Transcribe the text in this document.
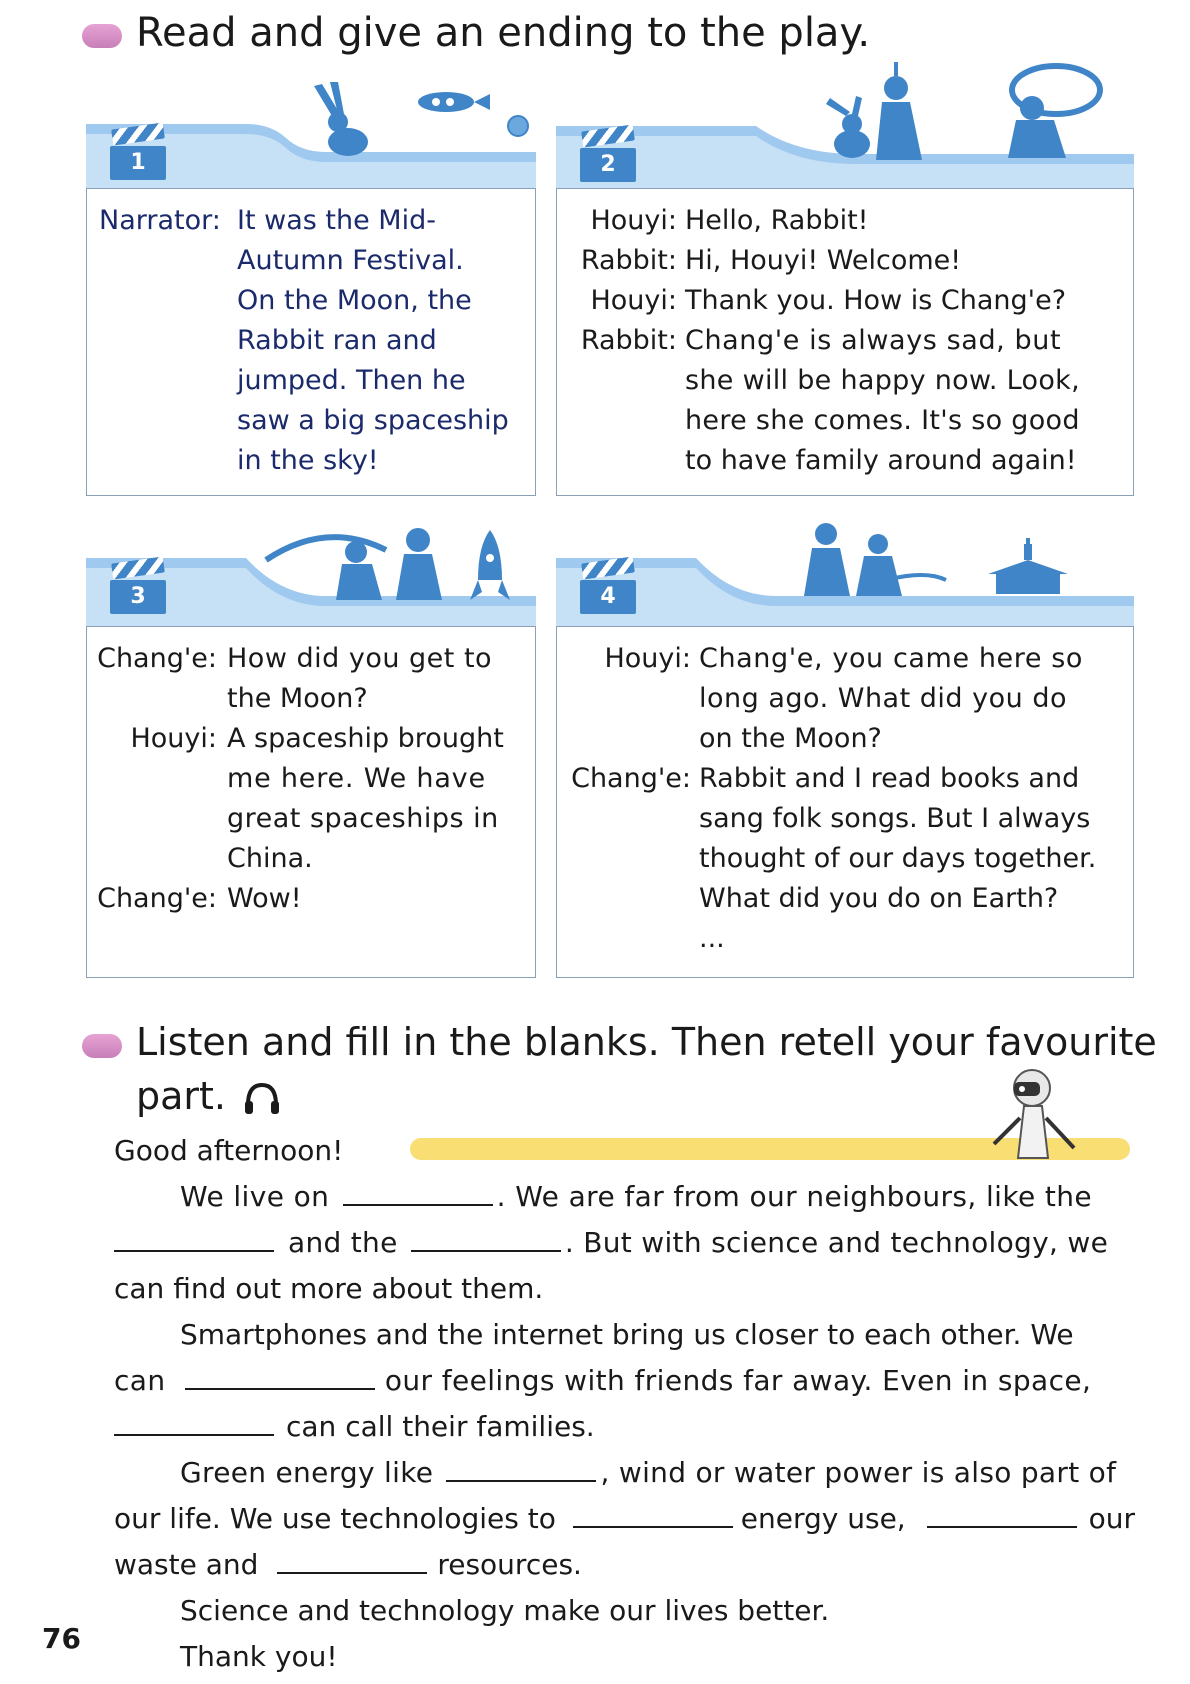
Read and give an ending to the play.
1
Narrator: It was the Mid-
Autumn Festival.
On the Moon, the
Rabbit ran and
jumped. Then he
saw a big spaceship
in the sky!
2
Houyi: Hello, Rabbit!
Rabbit: Hi, Houyi! Welcome!
Houyi: Thank you. How is Chang'e?
Rabbit: Chang'e is always sad, but
she will be happy now. Look,
here she comes. It's so good
to have family around again!
3
Chang'e: How did you get to
the Moon?
Houyi: A spaceship brought
me here. We have
great spaceships in
China.
Chang'e: Wow!
4
Houyi: Chang'e, you came here so
long ago. What did you do
on the Moon?
Chang'e: Rabbit and I read books and
sang folk songs. But I always
thought of our days together.
What did you do on Earth?
...
Listen and fill in the blanks. Then retell your favourite
part.
Good afternoon!
We live on	. We are far from our neighbours, like the
and the	. But with science and technology, we
can find out more about them.
Smartphones and the internet bring us closer to each other. We
can	our feelings with friends far away. Even in space,
can call their families.
Green energy like	, wind or water power is also part of
our life. We use technologies to	energy use,	our
waste and	resources.
Science and technology make our lives better.
Thank you!
76
